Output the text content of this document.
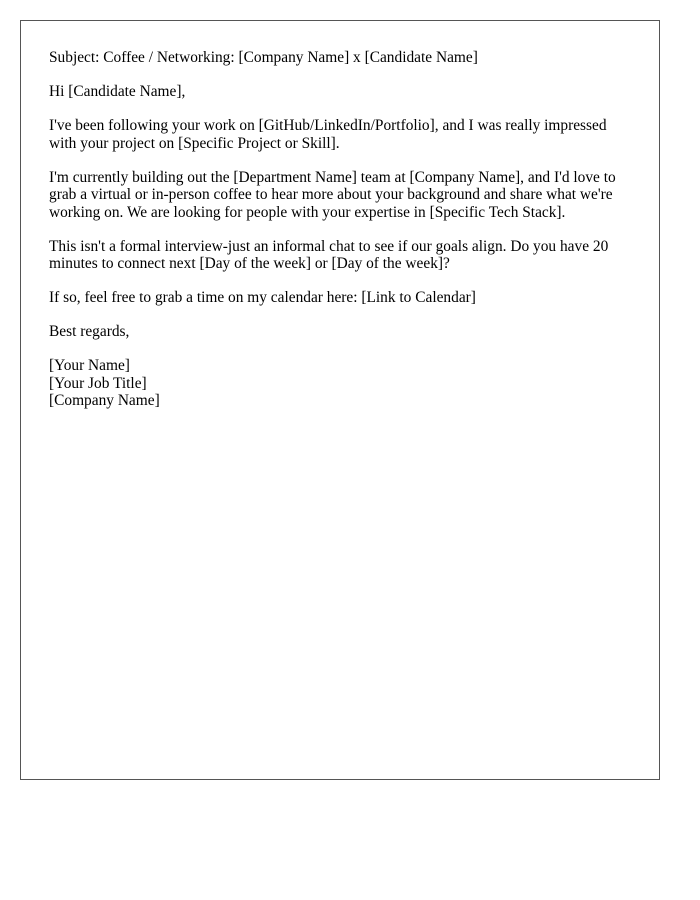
Subject: Coffee / Networking: [Company Name] x [Candidate Name]

Hi [Candidate Name],

I've been following your work on [GitHub/LinkedIn/Portfolio], and I was really impressed with your project on [Specific Project or Skill].

I'm currently building out the [Department Name] team at [Company Name], and I'd love to grab a virtual or in-person coffee to hear more about your background and share what we're working on. We are looking for people with your expertise in [Specific Tech Stack].

This isn't a formal interview-just an informal chat to see if our goals align. Do you have 20 minutes to connect next [Day of the week] or [Day of the week]?

If so, feel free to grab a time on my calendar here: [Link to Calendar]

Best regards,

[Your Name]
[Your Job Title]
[Company Name]
